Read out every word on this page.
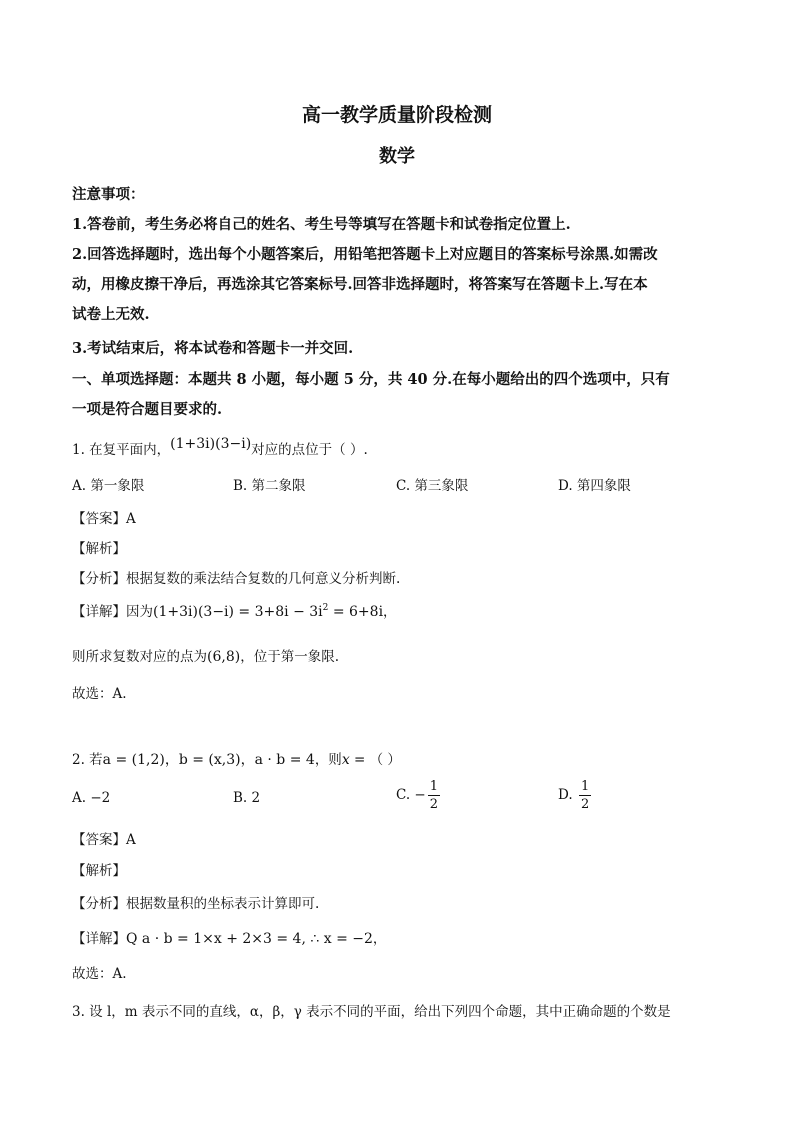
高一教学质量阶段检测
数学
注意事项：
1.答卷前，考生务必将自己的姓名、考生号等填写在答题卡和试卷指定位置上.
2.回答选择题时，选出每个小题答案后，用铅笔把答题卡上对应题目的答案标号涂黑.如需改
动，用橡皮擦干净后，再选涂其它答案标号.回答非选择题时，将答案写在答题卡上.写在本
试卷上无效.
3.考试结束后，将本试卷和答题卡一并交回.
一、单项选择题：本题共 8 小题，每小题 5 分，共 40 分.在每小题给出的四个选项中，只有
一项是符合题目要求的.
1. 在复平面内，(1+3i)(3−i)对应的点位于（ ）.
A. 第一象限	B. 第二象限	C. 第三象限	D. 第四象限
【答案】A
【解析】
【分析】根据复数的乘法结合复数的几何意义分析判断.
【详解】因为$(1+3i)(3-i) = 3+8i - 3i^2 = 6+8i$，
则所求复数对应的点为(6,8)，位于第一象限.
故选：A.
2. 若a = (1,2)，b = (x,3)，a · b = 4，则x = （ ）
A. −2	B. 2	C. − $\frac{1}{2}$	D. $\frac{1}{2}$
【答案】A
【解析】
【分析】根据数量积的坐标表示计算即可.
【详解】Q a · b = 1×x + 2×3 = 4, ∴ x = −2，
故选：A.
3. 设 l，m 表示不同的直线，α，β，γ 表示不同的平面，给出下列四个命题，其中正确命题的个数是
